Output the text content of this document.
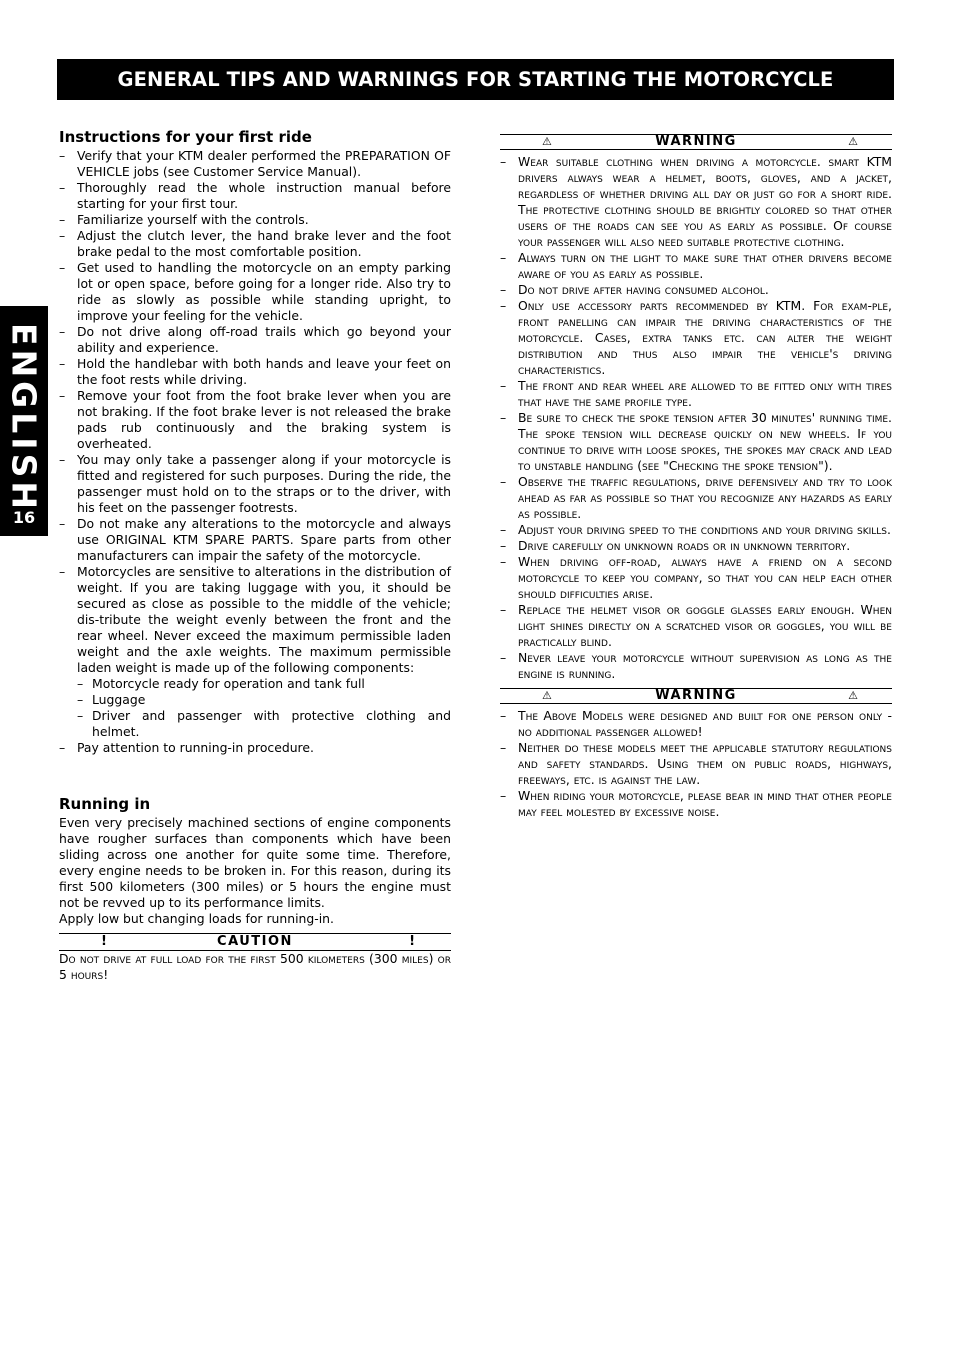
GENERAL TIPS AND WARNINGS FOR STARTING THE MOTORCYCLE
ENGLISH
16
Instructions for your first ride
– Verify that your KTM dealer performed the PREPARATION OF VEHICLE jobs (see Customer Service Manual).
– Thoroughly read the whole instruction manual before starting for your first tour.
– Familiarize yourself with the controls.
– Adjust the clutch lever, the hand brake lever and the foot brake pedal to the most comfortable position.
– Get used to handling the motorcycle on an empty parking lot or open space, before going for a longer ride. Also try to ride as slowly as possible while standing upright, to improve your feeling for the vehicle.
– Do not drive along off-road trails which go beyond your ability and experience.
– Hold the handlebar with both hands and leave your feet on the foot rests while driving.
– Remove your foot from the foot brake lever when you are not braking. If the foot brake lever is not released the brake pads rub continuously and the braking system is overheated.
– You may only take a passenger along if your motorcycle is fitted and registered for such purposes. During the ride, the passenger must hold on to the straps or to the driver, with his feet on the passenger footrests.
– Do not make any alterations to the motorcycle and always use ORIGINAL KTM SPARE PARTS. Spare parts from other manufacturers can impair the safety of the motorcycle.
– Motorcycles are sensitive to alterations in the distribution of weight. If you are taking luggage with you, it should be secured as close as possible to the middle of the vehicle; dis-tribute the weight evenly between the front and the rear wheel. Never exceed the maximum permissible laden weight and the axle weights. The maximum permissible laden weight is made up of the following components:
– Motorcycle ready for operation and tank full
– Luggage
– Driver and passenger with protective clothing and helmet.
– Pay attention to running-in procedure.
Running in

Even very precisely machined sections of engine components have rougher surfaces than components which have been sliding across one another for quite some time. Therefore, every engine needs to be broken in. For this reason, during its first 500 kilometers (300 miles) or 5 hours the engine must not be revved up to its performance limits.

Apply low but changing loads for running-in.

!	CAUTION	!
Do not drive at full load for the first 500 kilometers (300 miles) or 5 hours!
⚠	WARNING	⚠
– Wear suitable clothing when driving a motorcycle. smart KTM drivers always wear a helmet, boots, gloves, and a jacket, regardless of whether driving all day or just go for a short ride. The protective clothing should be brightly colored so that other users of the roads can see you as early as possible. Of course your passenger will also need suitable protective clothing.
– Always turn on the light to make sure that other drivers become aware of you as early as possible.
– Do not drive after having consumed alcohol.
– Only use accessory parts recommended by KTM. For exam-ple, front panelling can impair the driving characteristics of the motorcycle. Cases, extra tanks etc. can alter the weight distribution and thus also impair the vehicle's driving characteristics.
– The front and rear wheel are allowed to be fitted only with tires that have the same profile type.
– Be sure to check the spoke tension after 30 minutes' running time. The spoke tension will decrease quickly on new wheels. If you continue to drive with loose spokes, the spokes may crack and lead to unstable handling (see "Checking the spoke tension").
– Observe the traffic regulations, drive defensively and try to look ahead as far as possible so that you recognize any hazards as early as possible.
– Adjust your driving speed to the conditions and your driving skills.
– Drive carefully on unknown roads or in unknown territory.
– When driving off-road, always have a friend on a second motorcycle to keep you company, so that you can help each other should difficulties arise.
– Replace the helmet visor or goggle glasses early enough. When light shines directly on a scratched visor or goggles, you will be practically blind.
– Never leave your motorcycle without supervision as long as the engine is running.
⚠	WARNING	⚠
– The Above Models were designed and built for one person only - no additional passenger allowed!
– Neither do these models meet the applicable statutory regulations and safety standards. Using them on public roads, highways, freeways, etc. is against the law.
– When riding your motorcycle, please bear in mind that other people may feel molested by excessive noise.
